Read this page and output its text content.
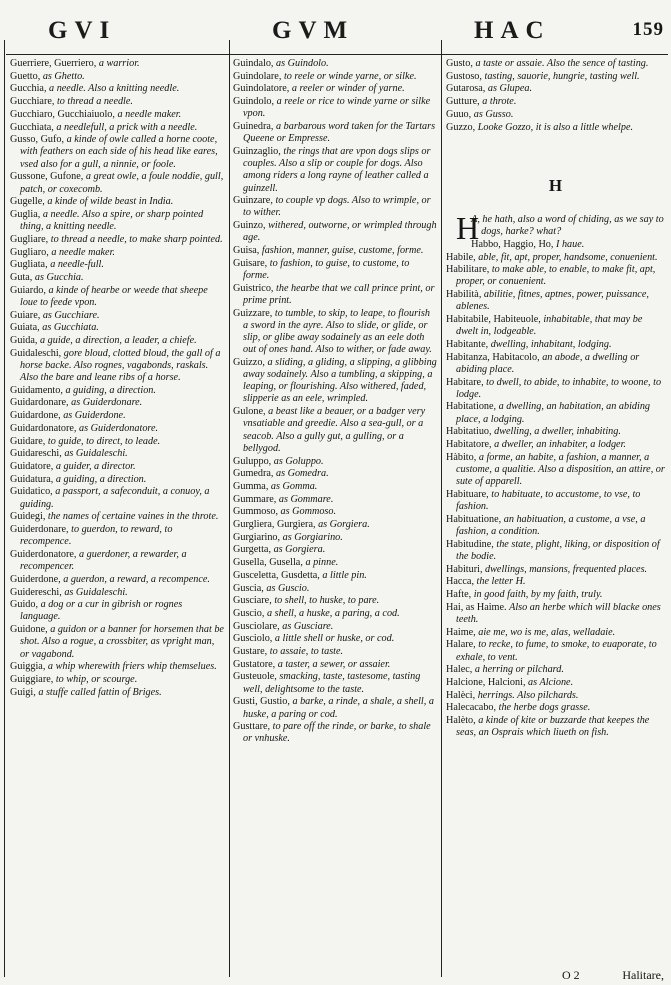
GVI	GVM	HAC	159
Guerriere, Guerriero, a warrior.
Guetto, as Ghetto.
Gucchia, a needle. Also a knitting needle.
Gucchiare, to thread a needle.
Gucchiaro, Gucchiaiuolo, a needle maker.
Gucchiata, a needlefull, a prick with a needle.
Gusso, Gufo, a kinde of owle called a horne coote, with feathers on each side of his head like eares, vsed also for a gull, a ninnie, or foole.
Gussone, Gufone, a great owle, a foule noddie, gull, patch, or coxecomb.
Gugelle, a kinde of wilde beast in India.
Guglia, a needle. Also a spire, or sharp pointed thing, a knitting needle.
Gugliare, to thread a needle, to make sharp pointed.
Gugliaro, a needle maker.
Gugliata, a needle-full.
Guta, as Gucchia.
Guiardo, a kinde of hearbe or weede that sheepe loue to feede vpon.
Guiare, as Gucchiare.
Guiata, as Gucchiata.
Guida, a guide, a direction, a leader, a chiefe.
Guidaleschi, gore bloud, clotted bloud, the gall of a horse backe. Also rognes, vagabonds, raskals. Also the bare and leane ribs of a horse.
Guidamento, a guiding, a direction.
Guidardonare, as Guiderdonare.
Guidardone, as Guiderdone.
Guidardonatore, as Guiderdonatore.
Guidare, to guide, to direct, to leade.
Guidareschi, as Guidaleschi.
Guidatore, a guider, a director.
Guidatura, a guiding, a direction.
Guidatico, a passport, a safeconduit, a conuoy, a guiding.
Guidegi, the names of certaine vaines in the throte.
Guiderdonare, to guerdon, to reward, to recompence.
Guiderdonatore, a guerdoner, a rewarder, a recompencer.
Guiderdone, a guerdon, a reward, a recompence.
Guidereschi, as Guidaleschi.
Guido, a dog or a cur in gibrish or rognes language.
Guidone, a guidon or a banner for horsemen that be shot. Also a rogue, a crossbiter, as vpright man, or vagabond.
Guiggia, a whip wherewith friers whip themselues.
Guiggiare, to whip, or scourge.
Guigi, a stuffe called fattin of Briges.
Guindalo, as Guindolo.
Guindolare, to reele or winde yarne, or silke.
Guindolatore, a reeler or winder of yarne.
Guindolo, a reele or rice to winde yarne or silke vpon.
Guinedra, a barbarous word taken for the Tartars Queene or Empresse.
Guinzaglio, the rings that are vpon dogs slips or couples. Also a slip or couple for dogs. Also among riders a long rayne of leather called a guinzell.
Guinzare, to couple vp dogs. Also to wrimple, or to wither.
Guinzo, withered, outworne, or wrimpled through age.
Guisa, fashion, manner, guise, custome, forme.
Guisare, to fashion, to guise, to custome, to forme.
Guistrico, the hearbe that we call prince print, or prime print.
Guizzare, to tumble, to skip, to leape, to flourish a sword in the ayre. Also to slide, or glide, or slip, or glibe away sodainely as an eele doth out of ones hand. Also to wither, or fade away.
Guizzo, a sliding, a gliding, a slipping, a glibbing away sodainely. Also a tumbling, a skipping, a leaping, or flourishing. Also withered, faded, slipperie as an eele, wrimpled.
Gulone, a beast like a beauer, or a badger very vnsatiable and greedie. Also a sea-gull, or a seacob. Also a gully gut, a gulling, or a bellygod.
Guluppo, as Goluppo.
Gumedra, as Gomedra.
Gumma, as Gomma.
Gummare, as Gommare.
Gummoso, as Gommoso.
Gurgliera, Gurgiera, as Gorgiera.
Gurgiarino, as Gorgiarino.
Gurgetta, as Gorgiera.
Gusella, Gusella, a pinne.
Gusceletta, Gusdetta, a little pin.
Gusciа, as Guscio.
Gusciare, to shell, to huske, to pare.
Guscio, a shell, a huske, a paring, a cod.
Gusciolare, as Gusciare.
Gusciolo, a little shell or huske, or cod.
Gustare, to assaie, to taste.
Gustatore, a taster, a sewer, or assaier.
Gusteuole, smacking, taste, tastesome, tasting well, delightsome to the taste.
Gusti, Gustio, a barke, a rinde, a shale, a shell, a huske, a paring or cod.
Gusttare, to pare off the rinde, or barke, to shale or vnhuske.
Gusto, a taste or assaie. Also the sence of tasting.
Gustoso, tasting, sauorie, hungrie, tasting well.
Gutarosa, as Glupea.
Gutture, a throte.
Guuo, as Gusso.
Guzzo, Looke Gozzo, it is also a little whelpe.
H
H
A, he hath, also a word of chiding, as we say to dogs, harke? what?
Habbo, Haggio, Ho, I haue.
Habile, able, fit, apt, proper, handsome, conuenient.
Habilitare, to make able, to enable, to make fit, apt, proper, or conuenient.
Habilità, abilitie, fitnes, aptnes, power, puissance, ablenes.
Habitabile, Habiteuole, inhabitable, that may be dwelt in, lodgeable.
Habitante, dwelling, inhabitant, lodging.
Habitanza, Habitacolo, an abode, a dwelling or abiding place.
Habitare, to dwell, to abide, to inhabite, to woone, to lodge.
Habitatione, a dwelling, an habitation, an abiding place, a lodging.
Habitatiuo, dwelling, a dweller, inhabiting.
Habitatore, a dweller, an inhabiter, a lodger.
Hàbito, a forme, an habite, a fashion, a manner, a custome, a qualitie. Also a disposition, an attire, or sute of apparell.
Habituare, to habituate, to accustome, to vse, to fashion.
Habituatione, an habituation, a custome, a vse, a fashion, a condition.
Habitudine, the state, plight, liking, or disposition of the bodie.
Habituri, dwellings, mansions, frequented places.
Hacca, the letter H.
Hafte, in good faith, by my faith, truly.
Hai, as Haime. Also an herbe which will blacke ones teeth.
Haime, aie me, wo is me, alas, welladaie.
Halare, to recke, to fume, to smoke, to euaporate, to exhale, to vent.
Halec, a herring or pilchard.
Halcione, Halcioni, as Alcione.
Halèci, herrings. Also pilchards.
Halecacabo, the herbe dogs grasse.
Halèto, a kinde of kite or buzzarde that keepes the seas, an Osprais which liueth on fish.
O 2	Halitare,
